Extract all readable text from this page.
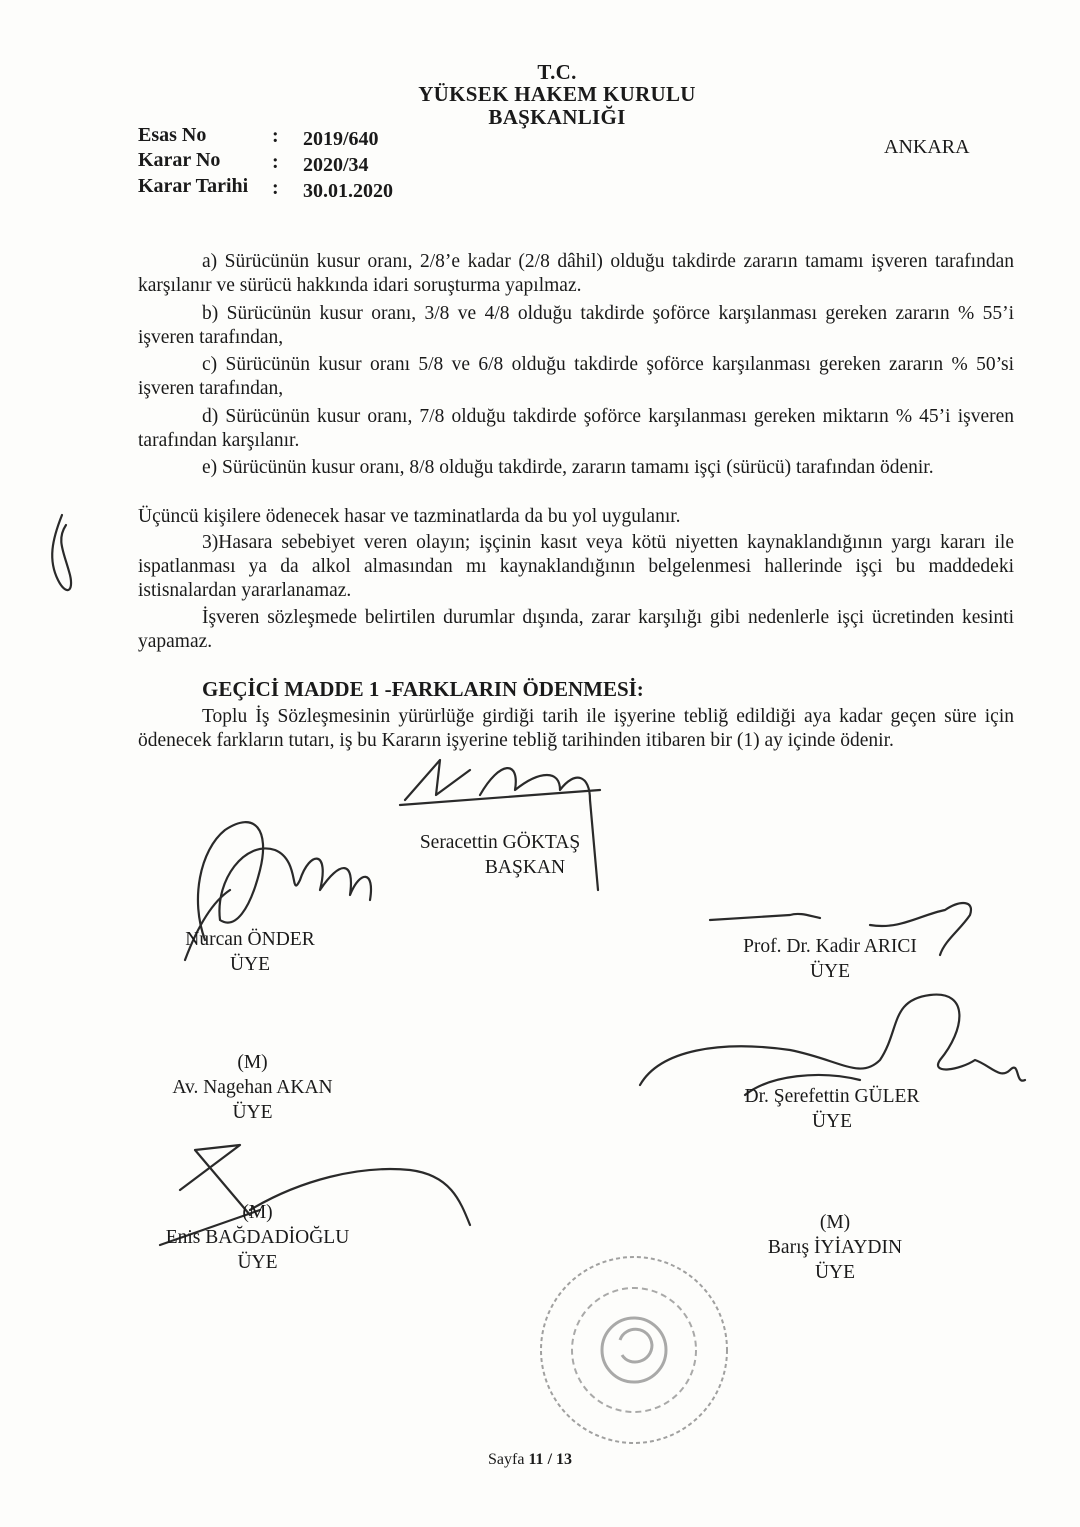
T.C.
YÜKSEK HAKEM KURULU
BAŞKANLIĞI
ANKARA
Esas No	: 2019/640
Karar No	: 2020/34
Karar Tarihi : 30.01.2020
a) Sürücünün kusur oranı, 2/8’e kadar (2/8 dâhil) olduğu takdirde zararın tamamı işveren tarafından karşılanır ve sürücü hakkında idari soruşturma yapılmaz.
b) Sürücünün kusur oranı, 3/8 ve 4/8 olduğu takdirde şoförce karşılanması gereken zararın % 55’i işveren tarafından,
c) Sürücünün kusur oranı 5/8 ve 6/8 olduğu takdirde şoförce karşılanması gereken zararın % 50’si işveren tarafından,
d) Sürücünün kusur oranı, 7/8 olduğu takdirde şoförce karşılanması gereken miktarın % 45’i işveren tarafından karşılanır.
e) Sürücünün kusur oranı, 8/8 olduğu takdirde, zararın tamamı işçi (sürücü) tarafından ödenir.
Üçüncü kişilere ödenecek hasar ve tazminatlarda da bu yol uygulanır.
3)Hasara sebebiyet veren olayın; işçinin kasıt veya kötü niyetten kaynaklandığının yargı kararı ile ispatlanması ya da alkol almasından mı kaynaklandığının belgelenmesi hallerinde işçi bu maddedeki istisnalardan yararlanamaz.
İşveren sözleşmede belirtilen durumlar dışında, zarar karşılığı gibi nedenlerle işçi ücretinden kesinti yapamaz.
GEÇİCİ MADDE 1 -FARKLARIN ÖDENMESİ:
Toplu İş Sözleşmesinin yürürlüğe girdiği tarih ile işyerine tebliğ edildiği aya kadar geçen süre için ödenecek farkların tutarı, iş bu Kararın işyerine tebliğ tarihinden itibaren bir (1) ay içinde ödenir.
Seracettin GÖKTAŞ
BAŞKAN
Nurcan ÖNDER
ÜYE
Prof. Dr. Kadir ARICI
ÜYE
(M)
Av. Nagehan AKAN
ÜYE
Dr. Şerefettin GÜLER
ÜYE
(M)
Enis BAĞDADİOĞLU
ÜYE
(M)
Barış İYİAYDIN
ÜYE
Sayfa 11 / 13
